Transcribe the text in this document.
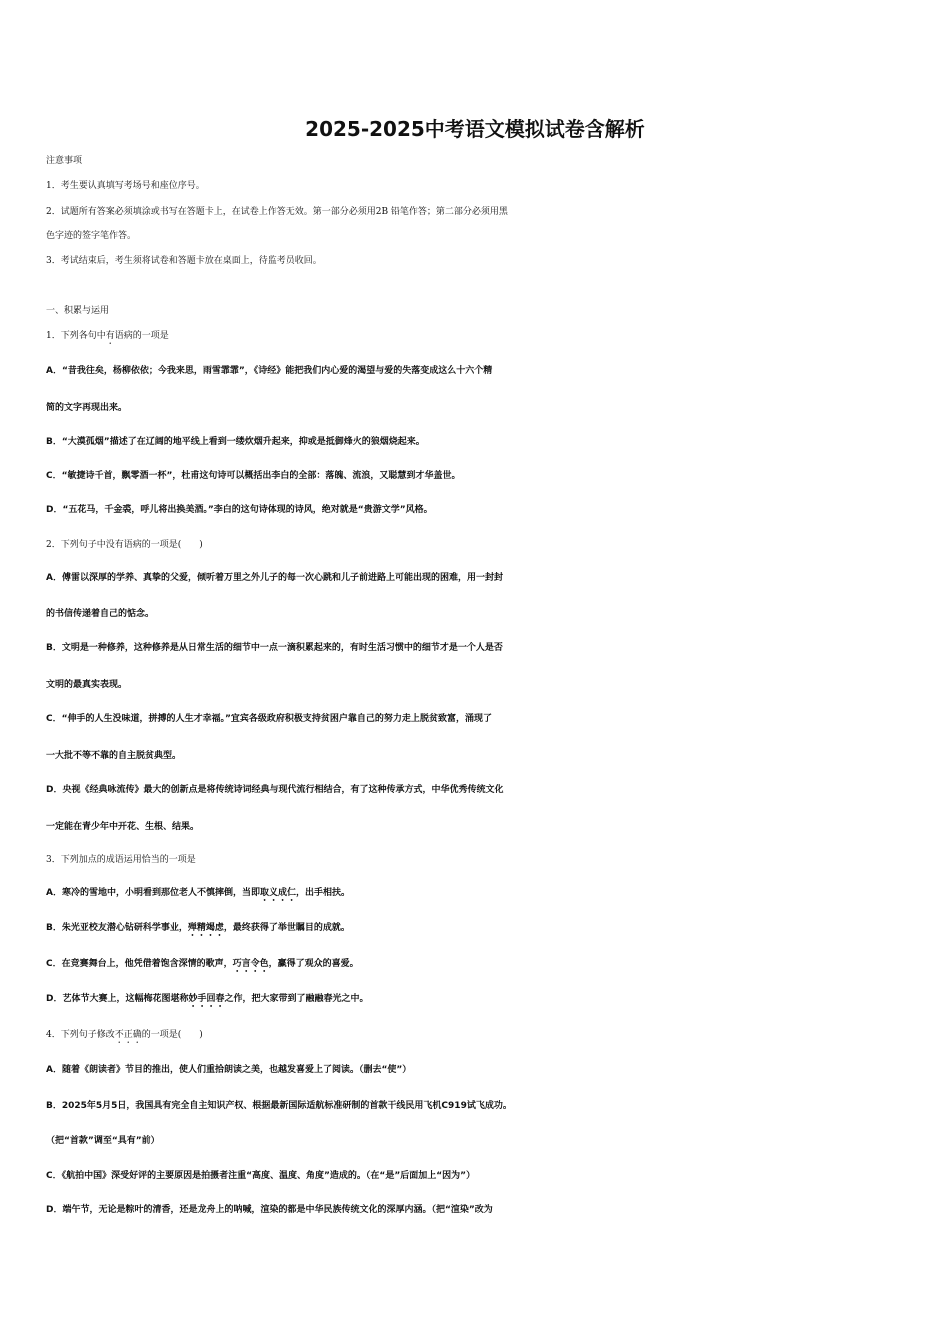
2025-2025中考语文模拟试卷含解析
注意事项
1．考生要认真填写考场号和座位序号。
2．试题所有答案必须填涂或书写在答题卡上，在试卷上作答无效。第一部分必须用2B 铅笔作答；第二部分必须用黑
色字迹的签字笔作答。
3．考试结束后，考生须将试卷和答题卡放在桌面上，待监考员收回。
一、积累与运用
1．下列各句中有语病的一项是
A．“昔我往矣，杨柳依依；今我来思，雨雪霏霏”，《诗经》能把我们内心爱的渴望与爱的失落变成这么十六个精
简的文字再现出来。
B．“大漠孤烟”描述了在辽阔的地平线上看到一缕炊烟升起来，抑或是抵御烽火的狼烟烧起来。
C．“敏捷诗千首，飘零酒一杯”，杜甫这句诗可以概括出李白的全部：落魄、流浪，又聪慧到才华盖世。
D．“五花马，千金裘，呼儿将出换美酒。”李白的这句诗体现的诗风，绝对就是“贵游文学”风格。
2．下列句子中没有语病的一项是(　　)
A．傅雷以深厚的学养、真挚的父爱，倾听着万里之外儿子的每一次心跳和儿子前进路上可能出现的困难，用一封封
的书信传递着自己的惦念。
B．文明是一种修养，这种修养是从日常生活的细节中一点一滴积累起来的，有时生活习惯中的细节才是一个人是否
文明的最真实表现。
C．“伸手的人生没味道，拼搏的人生才幸福。”宜宾各级政府积极支持贫困户靠自己的努力走上脱贫致富，涌现了
一大批不等不靠的自主脱贫典型。
D．央视《经典咏流传》最大的创新点是将传统诗词经典与现代流行相结合，有了这种传承方式，中华优秀传统文化
一定能在青少年中开花、生根、结果。
3．下列加点的成语运用恰当的一项是
A．寒冷的雪地中，小明看到那位老人不慎摔倒，当即取义成仁，出手相扶。
B．朱光亚校友潜心钻研科学事业，殚精竭虑，最终获得了举世瞩目的成就。
C．在竞赛舞台上，他凭借着饱含深情的歌声，巧言令色，赢得了观众的喜爱。
D．艺体节大赛上，这幅梅花图堪称妙手回春之作，把大家带到了融融春光之中。
4．下列句子修改不正确的一项是(　　)
A．随着《朗读者》节目的推出，使人们重拾朗读之美，也越发喜爱上了阅读。（删去“使”）
B．2025年5月5日，我国具有完全自主知识产权、根据最新国际适航标准研制的首款干线民用飞机C919试飞成功。
（把“首款”调至“具有”前）
C．《航拍中国》深受好评的主要原因是拍摄者注重“高度、温度、角度”造成的。（在“是”后面加上“因为”）
D．端午节，无论是粽叶的清香，还是龙舟上的呐喊，渲染的都是中华民族传统文化的深厚内涵。（把“渲染”改为
